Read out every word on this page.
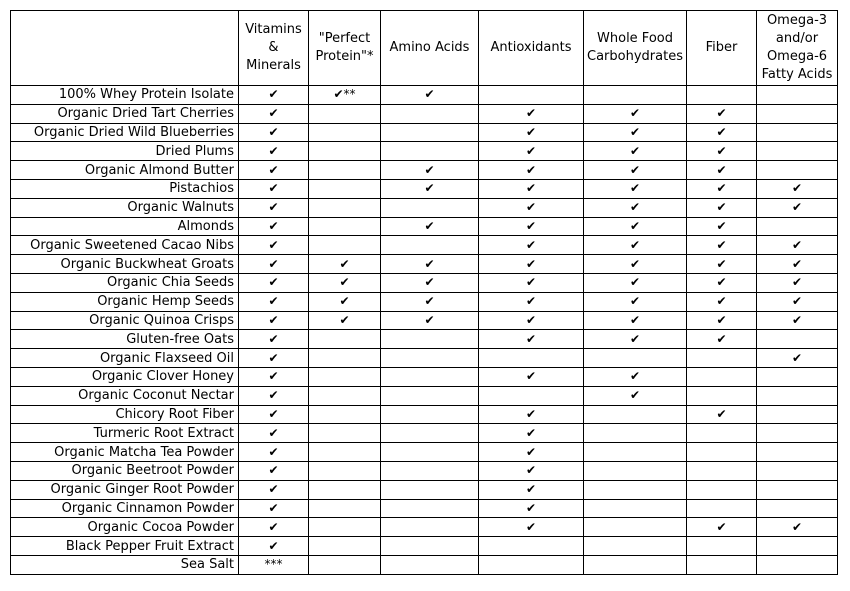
	Vitamins & Minerals	"Perfect Protein"*	Amino Acids	Antioxidants	Whole Food Carbohydrates	Fiber	Omega-3 and/or Omega-6 Fatty Acids
100% Whey Protein Isolate	✔	✔**	✔				
Organic Dried Tart Cherries	✔			✔	✔	✔	
Organic Dried Wild Blueberries	✔			✔	✔	✔	
Dried Plums	✔			✔	✔	✔	
Organic Almond Butter	✔		✔	✔	✔	✔	
Pistachios	✔		✔	✔	✔	✔	✔
Organic Walnuts	✔			✔	✔	✔	✔
Almonds	✔		✔	✔	✔	✔	
Organic Sweetened Cacao Nibs	✔			✔	✔	✔	✔
Organic Buckwheat Groats	✔	✔	✔	✔	✔	✔	✔
Organic Chia Seeds	✔	✔	✔	✔	✔	✔	✔
Organic Hemp Seeds	✔	✔	✔	✔	✔	✔	✔
Organic Quinoa Crisps	✔	✔	✔	✔	✔	✔	✔
Gluten-free Oats	✔			✔	✔	✔	
Organic Flaxseed Oil	✔						✔
Organic Clover Honey	✔			✔	✔		
Organic Coconut Nectar	✔				✔		
Chicory Root Fiber	✔			✔		✔	
Turmeric Root Extract	✔			✔			
Organic Matcha Tea Powder	✔			✔			
Organic Beetroot Powder	✔			✔			
Organic Ginger Root Powder	✔			✔			
Organic Cinnamon Powder	✔			✔			
Organic Cocoa Powder	✔			✔		✔	✔
Black Pepper Fruit Extract	✔						
Sea Salt	***						
